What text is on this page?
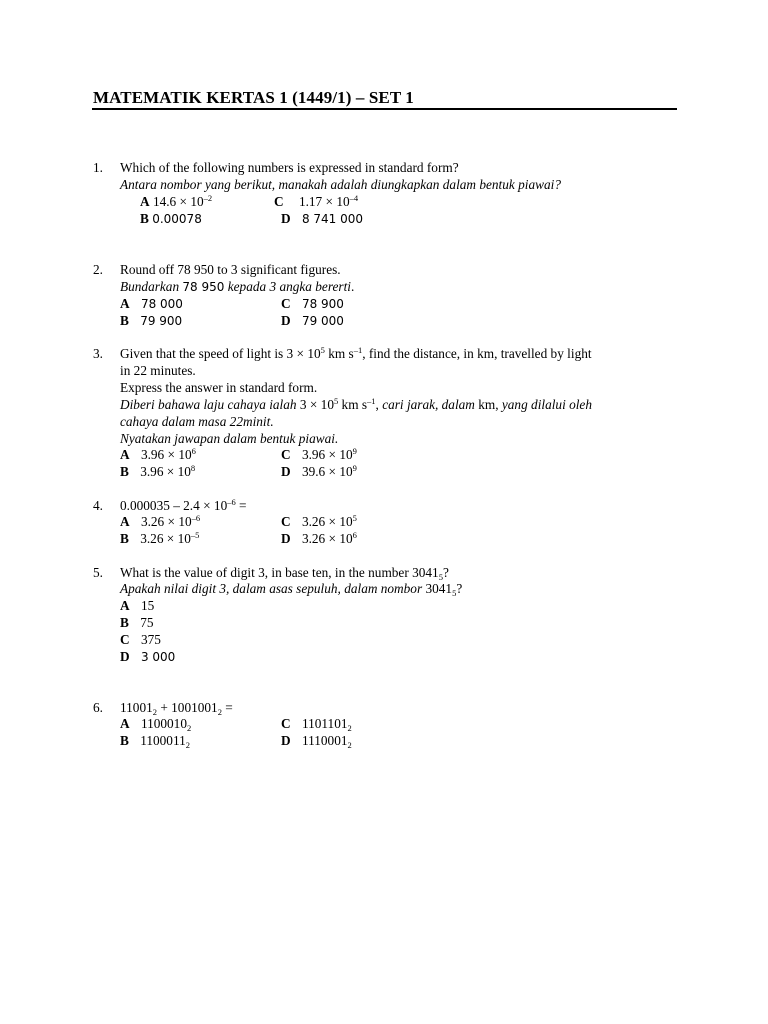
MATEMATIK KERTAS 1 (1449/1) – SET 1
1. Which of the following numbers is expressed in standard form?
Antara nombor yang berikut, manakah adalah diungkapkan dalam bentuk piawai?
A $14.6 \times 10^{-2}$	C $1.17 \times 10^{-4}$
B 0.00078	D 8 741 000
2. Round off 78 950 to 3 significant figures.
Bundarkan 78 950 kepada 3 angka bererti.
A 78 000	C 78 900
B 79 900	D 79 000
3. Given that the speed of light is $3 \times 10^5$ km $s^{-1}$, find the distance, in km, travelled by light
in 22 minutes.
Express the answer in standard form.
Diberi bahawa laju cahaya ialah $3 \times 10^5$ km $s^{-1}$, cari jarak, dalam km, yang dilalui oleh
cahaya dalam masa 22minit.
Nyatakan jawapan dalam bentuk piawai.
A $3.96 \times 10^6$	C $3.96 \times 10^9$
B $3.96 \times 10^8$	D $39.6 \times 10^9$
4. $0.000035 - 2.4 \times 10^{-6}$ =
A $3.26 \times 10^{-6}$	C $3.26 \times 10^5$
B $3.26 \times 10^{-5}$	D $3.26 \times 10^6$
5. What is the value of digit 3, in base ten, in the number $3041_5$?
Apakah nilai digit 3, dalam asas sepuluh, dalam nombor $3041_5$?
A 15
B 75
C 375
D 3 000
6. $11001_2 + 1001001_2$ =
A $1100010_2$	C $1101101_2$
B $1100011_2$	D $1110001_2$
